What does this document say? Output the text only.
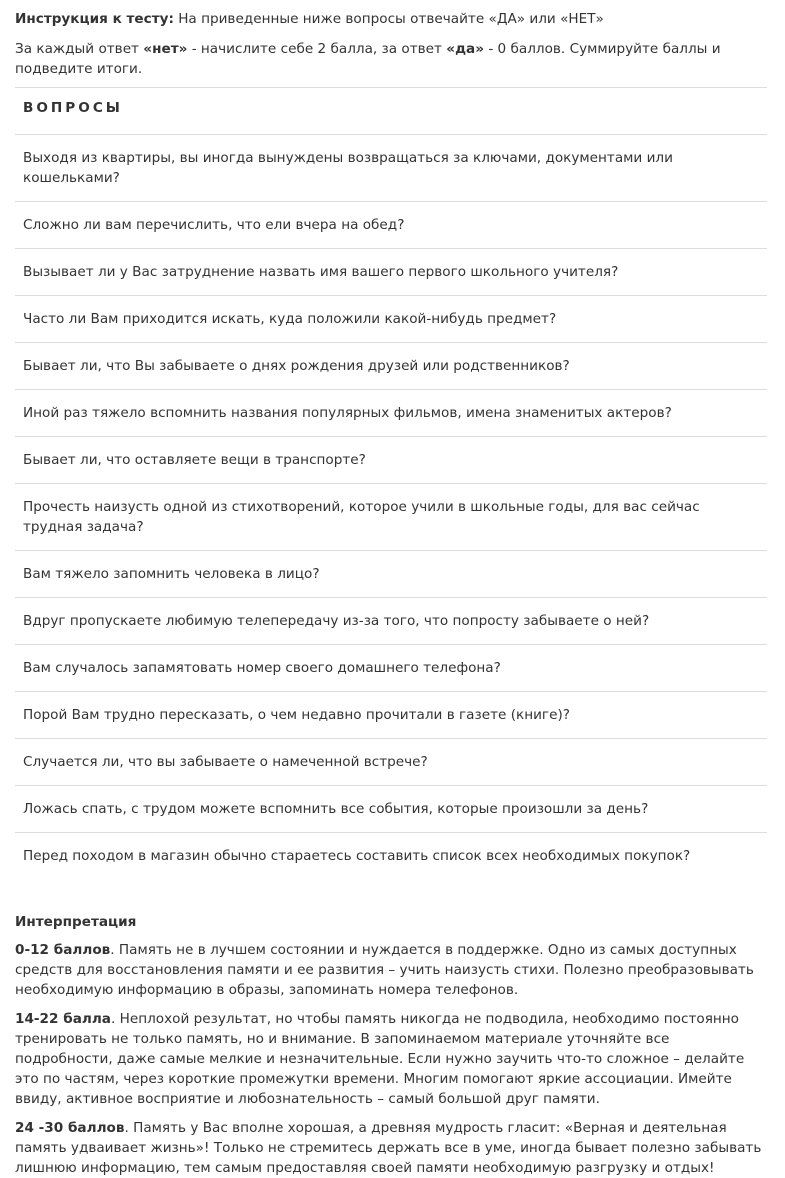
Инструкция к тесту: На приведенные ниже вопросы отвечайте «ДА» или «НЕТ»

За каждый ответ «нет» - начислите себе 2 балла, за ответ «да» - 0 баллов. Суммируйте баллы и подведите итоги.

ВОПРОСЫ
Выходя из квартиры, вы иногда вынуждены возвращаться за ключами, документами или кошельками?
Сложно ли вам перечислить, что ели вчера на обед?
Вызывает ли у Вас затруднение назвать имя вашего первого школьного учителя?
Часто ли Вам приходится искать, куда положили какой-нибудь предмет?
Бывает ли, что Вы забываете о днях рождения друзей или родственников?
Иной раз тяжело вспомнить названия популярных фильмов, имена знаменитых актеров?
Бывает ли, что оставляете вещи в транспорте?
Прочесть наизусть одной из стихотворений, которое учили в школьные годы, для вас сейчас трудная задача?
Вам тяжело запомнить человека в лицо?
Вдруг пропускаете любимую телепередачу из-за того, что попросту забываете о ней?
Вам случалось запамятовать номер своего домашнего телефона?
Порой Вам трудно пересказать, о чем недавно прочитали в газете (книге)?
Случается ли, что вы забываете о намеченной встрече?
Ложась спать, с трудом можете вспомнить все события, которые произошли за день?
Перед походом в магазин обычно стараетесь составить список всех необходимых покупок?

Интерпретация

0-12 баллов. Память не в лучшем состоянии и нуждается в поддержке. Одно из самых доступных средств для восстановления памяти и ее развития – учить наизусть стихи. Полезно преобразовывать необходимую информацию в образы, запоминать номера телефонов.

14-22 балла. Неплохой результат, но чтобы память никогда не подводила, необходимо постоянно тренировать не только память, но и внимание. В запоминаемом материале уточняйте все подробности, даже самые мелкие и незначительные. Если нужно заучить что-то сложное – делайте это по частям, через короткие промежутки времени. Многим помогают яркие ассоциации. Имейте ввиду, активное восприятие и любознательность – самый большой друг памяти.

24 -30 баллов. Память у Вас вполне хорошая, а древняя мудрость гласит: «Верная и деятельная память удваивает жизнь»! Только не стремитесь держать все в уме, иногда бывает полезно забывать лишнюю информацию, тем самым предоставляя своей памяти необходимую разгрузку и отдых!
